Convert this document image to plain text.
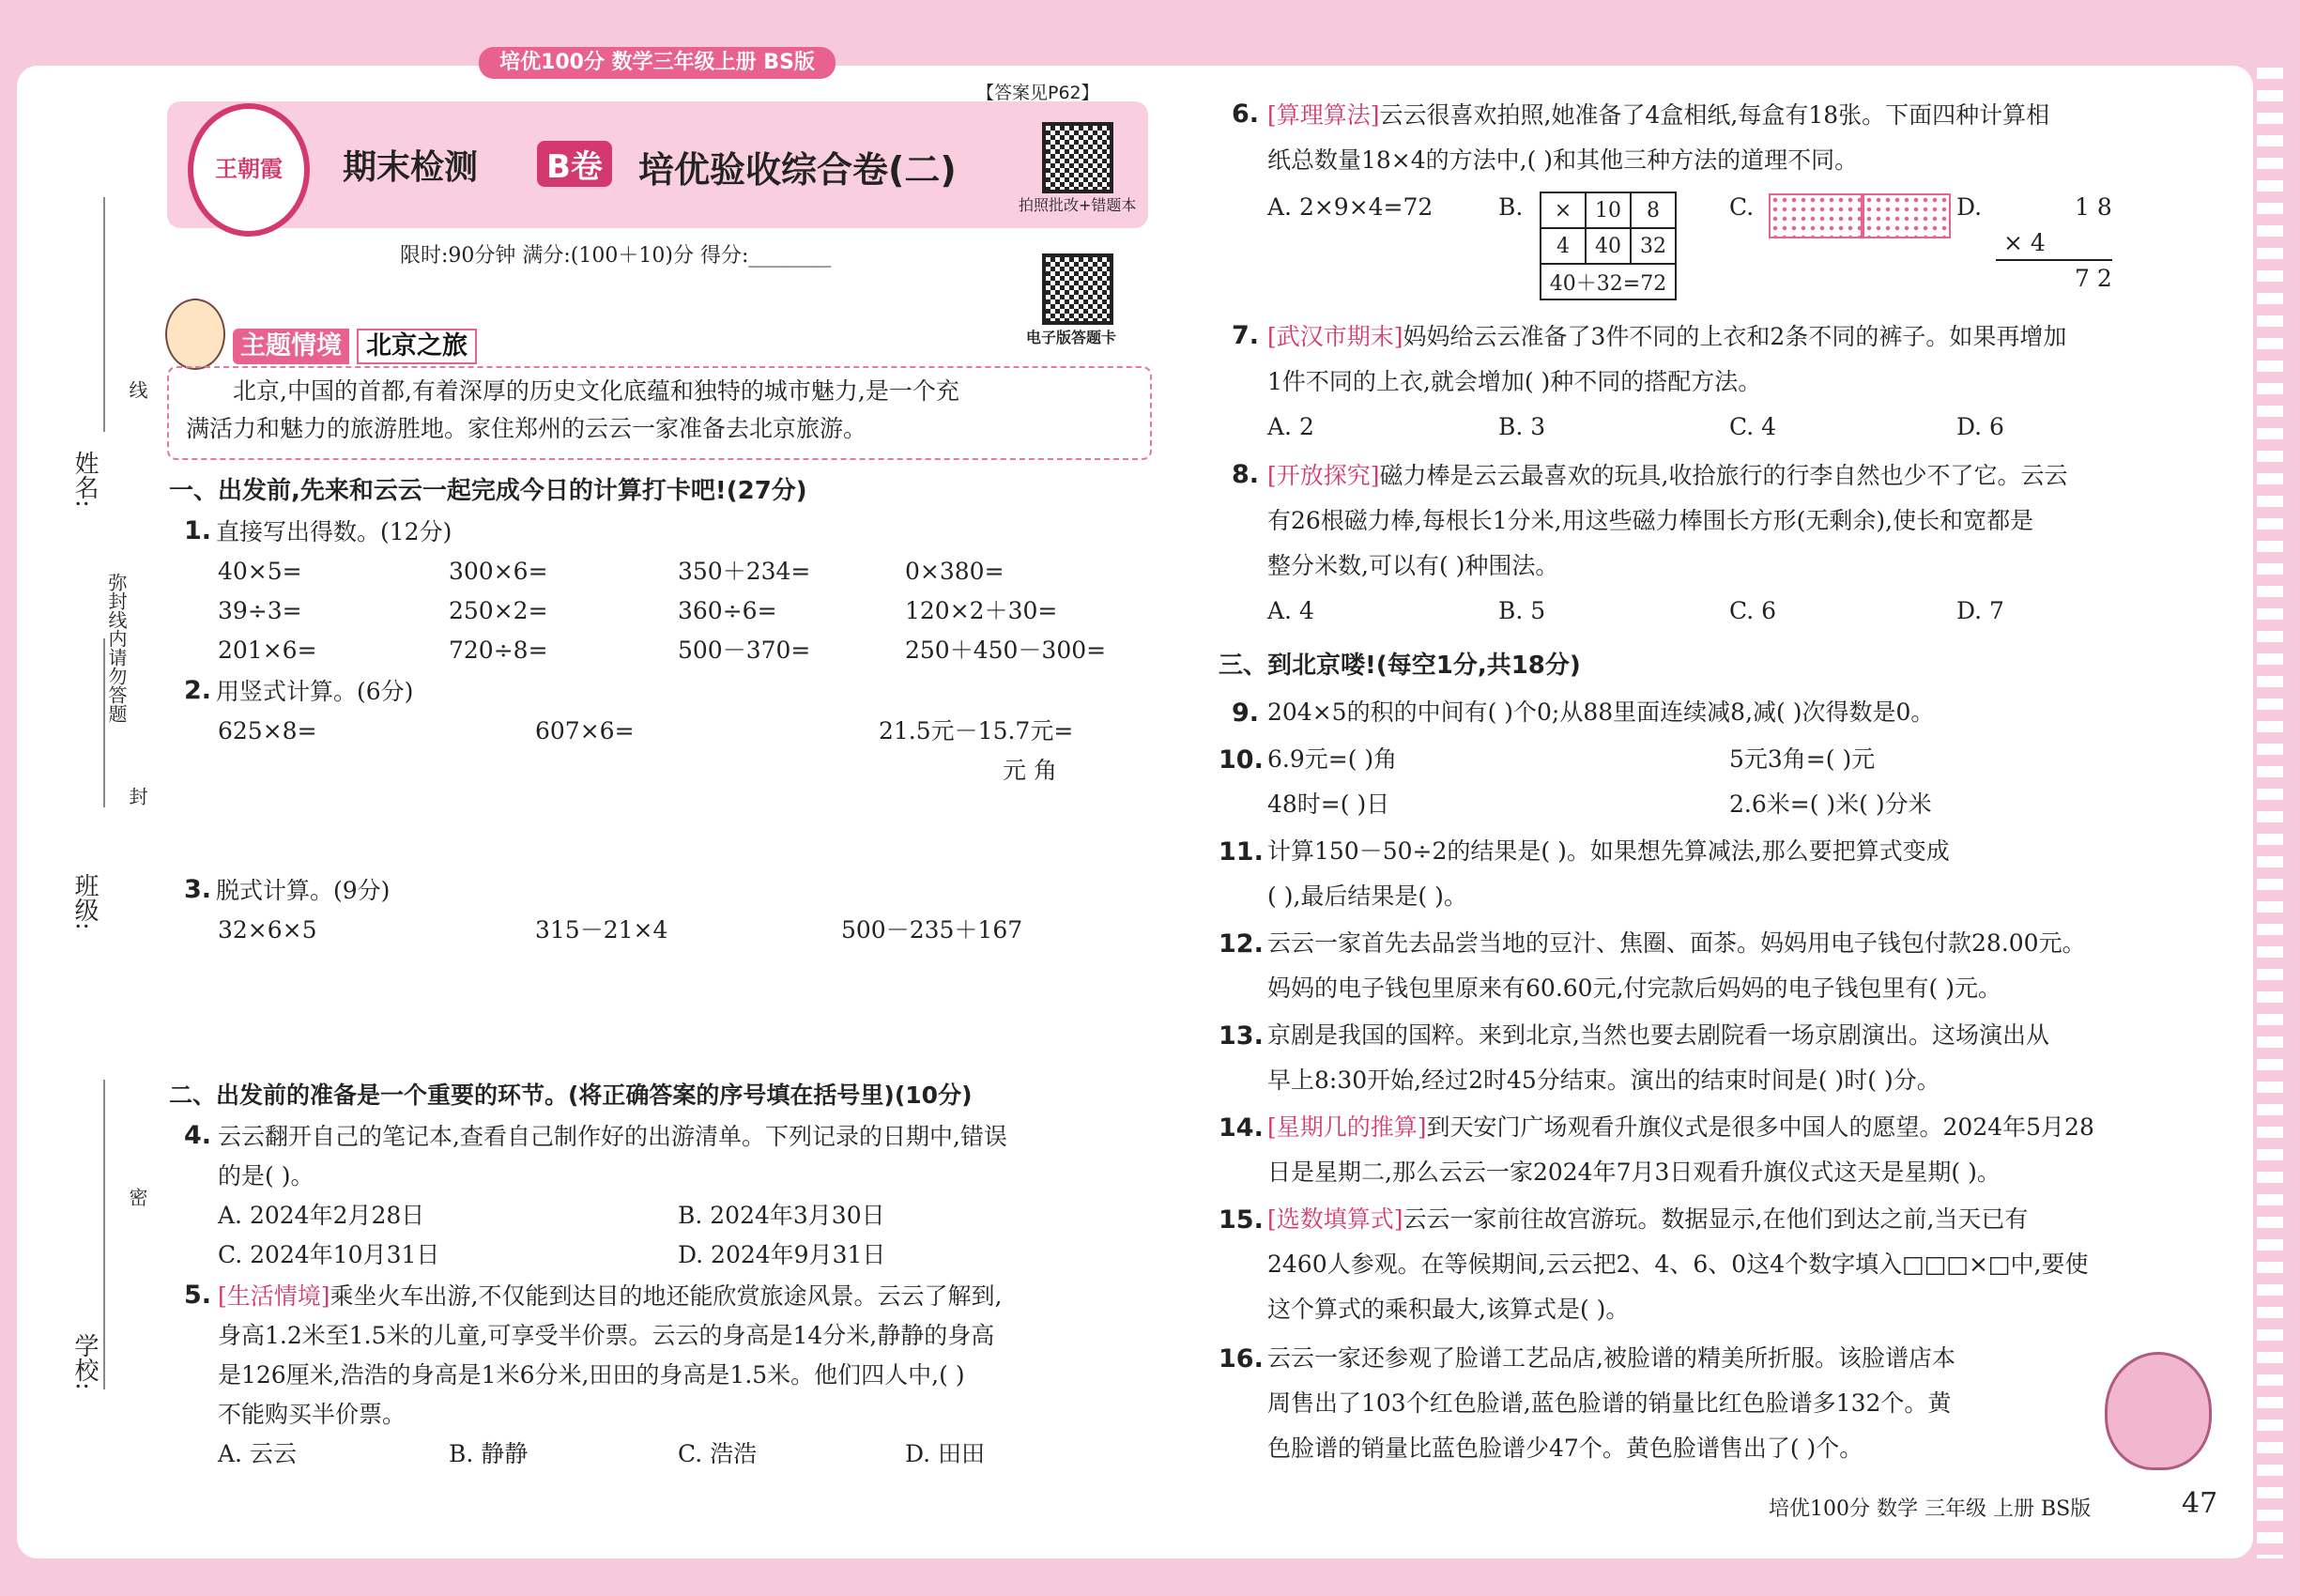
培优100分 数学三年级上册 BS版
姓名:
班级:
学校:
弥封线内请勿答题
线
封
密
王朝霞	期末检测 B卷 培优验收综合卷(二)
【答案见P62】
拍照批改+错题本
电子版答题卡
限时:90分钟 满分:(100＋10)分 得分:________
主题情境 北京之旅
北京,中国的首都,有着深厚的历史文化底蕴和独特的城市魅力,是一个充
满活力和魅力的旅游胜地。家住郑州的云云一家准备去北京旅游。
一、出发前,先来和云云一起完成今日的计算打卡吧!(27分)
1. 直接写出得数。(12分)
40×5=	300×6=	350＋234=	0×380=
39÷3=	250×2=	360÷6=	120×2＋30=
201×6=	720÷8=	500－370=	250＋450－300=
2. 用竖式计算。(6分)
625×8=	607×6=	21.5元－15.7元=
元 角
3. 脱式计算。(9分)
32×6×5	315－21×4	500－235＋167
二、出发前的准备是一个重要的环节。(将正确答案的序号填在括号里)(10分)
4. 云云翻开自己的笔记本,查看自己制作好的出游清单。下列记录的日期中,错误
的是( )。
A. 2024年2月28日	B. 2024年3月30日
C. 2024年10月31日	D. 2024年9月31日
5. [生活情境]乘坐火车出游,不仅能到达目的地还能欣赏旅途风景。云云了解到,
身高1.2米至1.5米的儿童,可享受半价票。云云的身高是14分米,静静的身高
是126厘米,浩浩的身高是1米6分米,田田的身高是1.5米。他们四人中,( )
不能购买半价票。
A. 云云	B. 静静	C. 浩浩	D. 田田
6. [算理算法]云云很喜欢拍照,她准备了4盒相纸,每盒有18张。下面四种计算相
纸总数量18×4的方法中,( )和其他三种方法的道理不同。
A. 2×9×4=72	B. ×	10	8
4	40	32
40＋32=72		
C.	D.	1 8
× 4
7 2
7. [武汉市期末]妈妈给云云准备了3件不同的上衣和2条不同的裤子。如果再增加
1件不同的上衣,就会增加( )种不同的搭配方法。
A. 2	B. 3	C. 4	D. 6
8. [开放探究]磁力棒是云云最喜欢的玩具,收拾旅行的行李自然也少不了它。云云
有26根磁力棒,每根长1分米,用这些磁力棒围长方形(无剩余),使长和宽都是
整分米数,可以有( )种围法。
A. 4	B. 5	C. 6	D. 7
三、到北京喽!(每空1分,共18分)
9. 204×5的积的中间有( )个0;从88里面连续减8,减( )次得数是0。
10. 6.9元=( )角	5元3角=( )元
48时=( )日	2.6米=( )米( )分米
11. 计算150－50÷2的结果是( )。如果想先算减法,那么要把算式变成
( ),最后结果是( )。
12. 云云一家首先去品尝当地的豆汁、焦圈、面茶。妈妈用电子钱包付款28.00元。
妈妈的电子钱包里原来有60.60元,付完款后妈妈的电子钱包里有( )元。
13. 京剧是我国的国粹。来到北京,当然也要去剧院看一场京剧演出。这场演出从
早上8:30开始,经过2时45分结束。演出的结束时间是( )时( )分。
14. [星期几的推算]到天安门广场观看升旗仪式是很多中国人的愿望。2024年5月28
日是星期二,那么云云一家2024年7月3日观看升旗仪式这天是星期( )。
15. [选数填算式]云云一家前往故宫游玩。数据显示,在他们到达之前,当天已有
2460人参观。在等候期间,云云把2、4、6、0这4个数字填入□□□×□中,要使
这个算式的乘积最大,该算式是( )。
16. 云云一家还参观了脸谱工艺品店,被脸谱的精美所折服。该脸谱店本
周售出了103个红色脸谱,蓝色脸谱的销量比红色脸谱多132个。黄
色脸谱的销量比蓝色脸谱少47个。黄色脸谱售出了( )个。
培优100分 数学 三年级 上册 BS版	47
